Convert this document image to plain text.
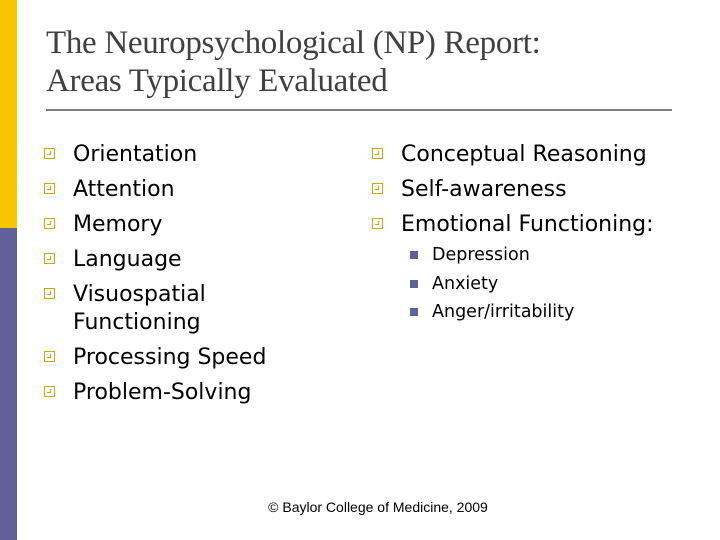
The Neuropsychological (NP) Report:
Areas Typically Evaluated
Orientation
Attention
Memory
Language
Visuospatial Functioning
Processing Speed
Problem-Solving
Conceptual Reasoning
Self-awareness
Emotional Functioning:
Depression
Anxiety
Anger/irritability
© Baylor College of Medicine, 2009
